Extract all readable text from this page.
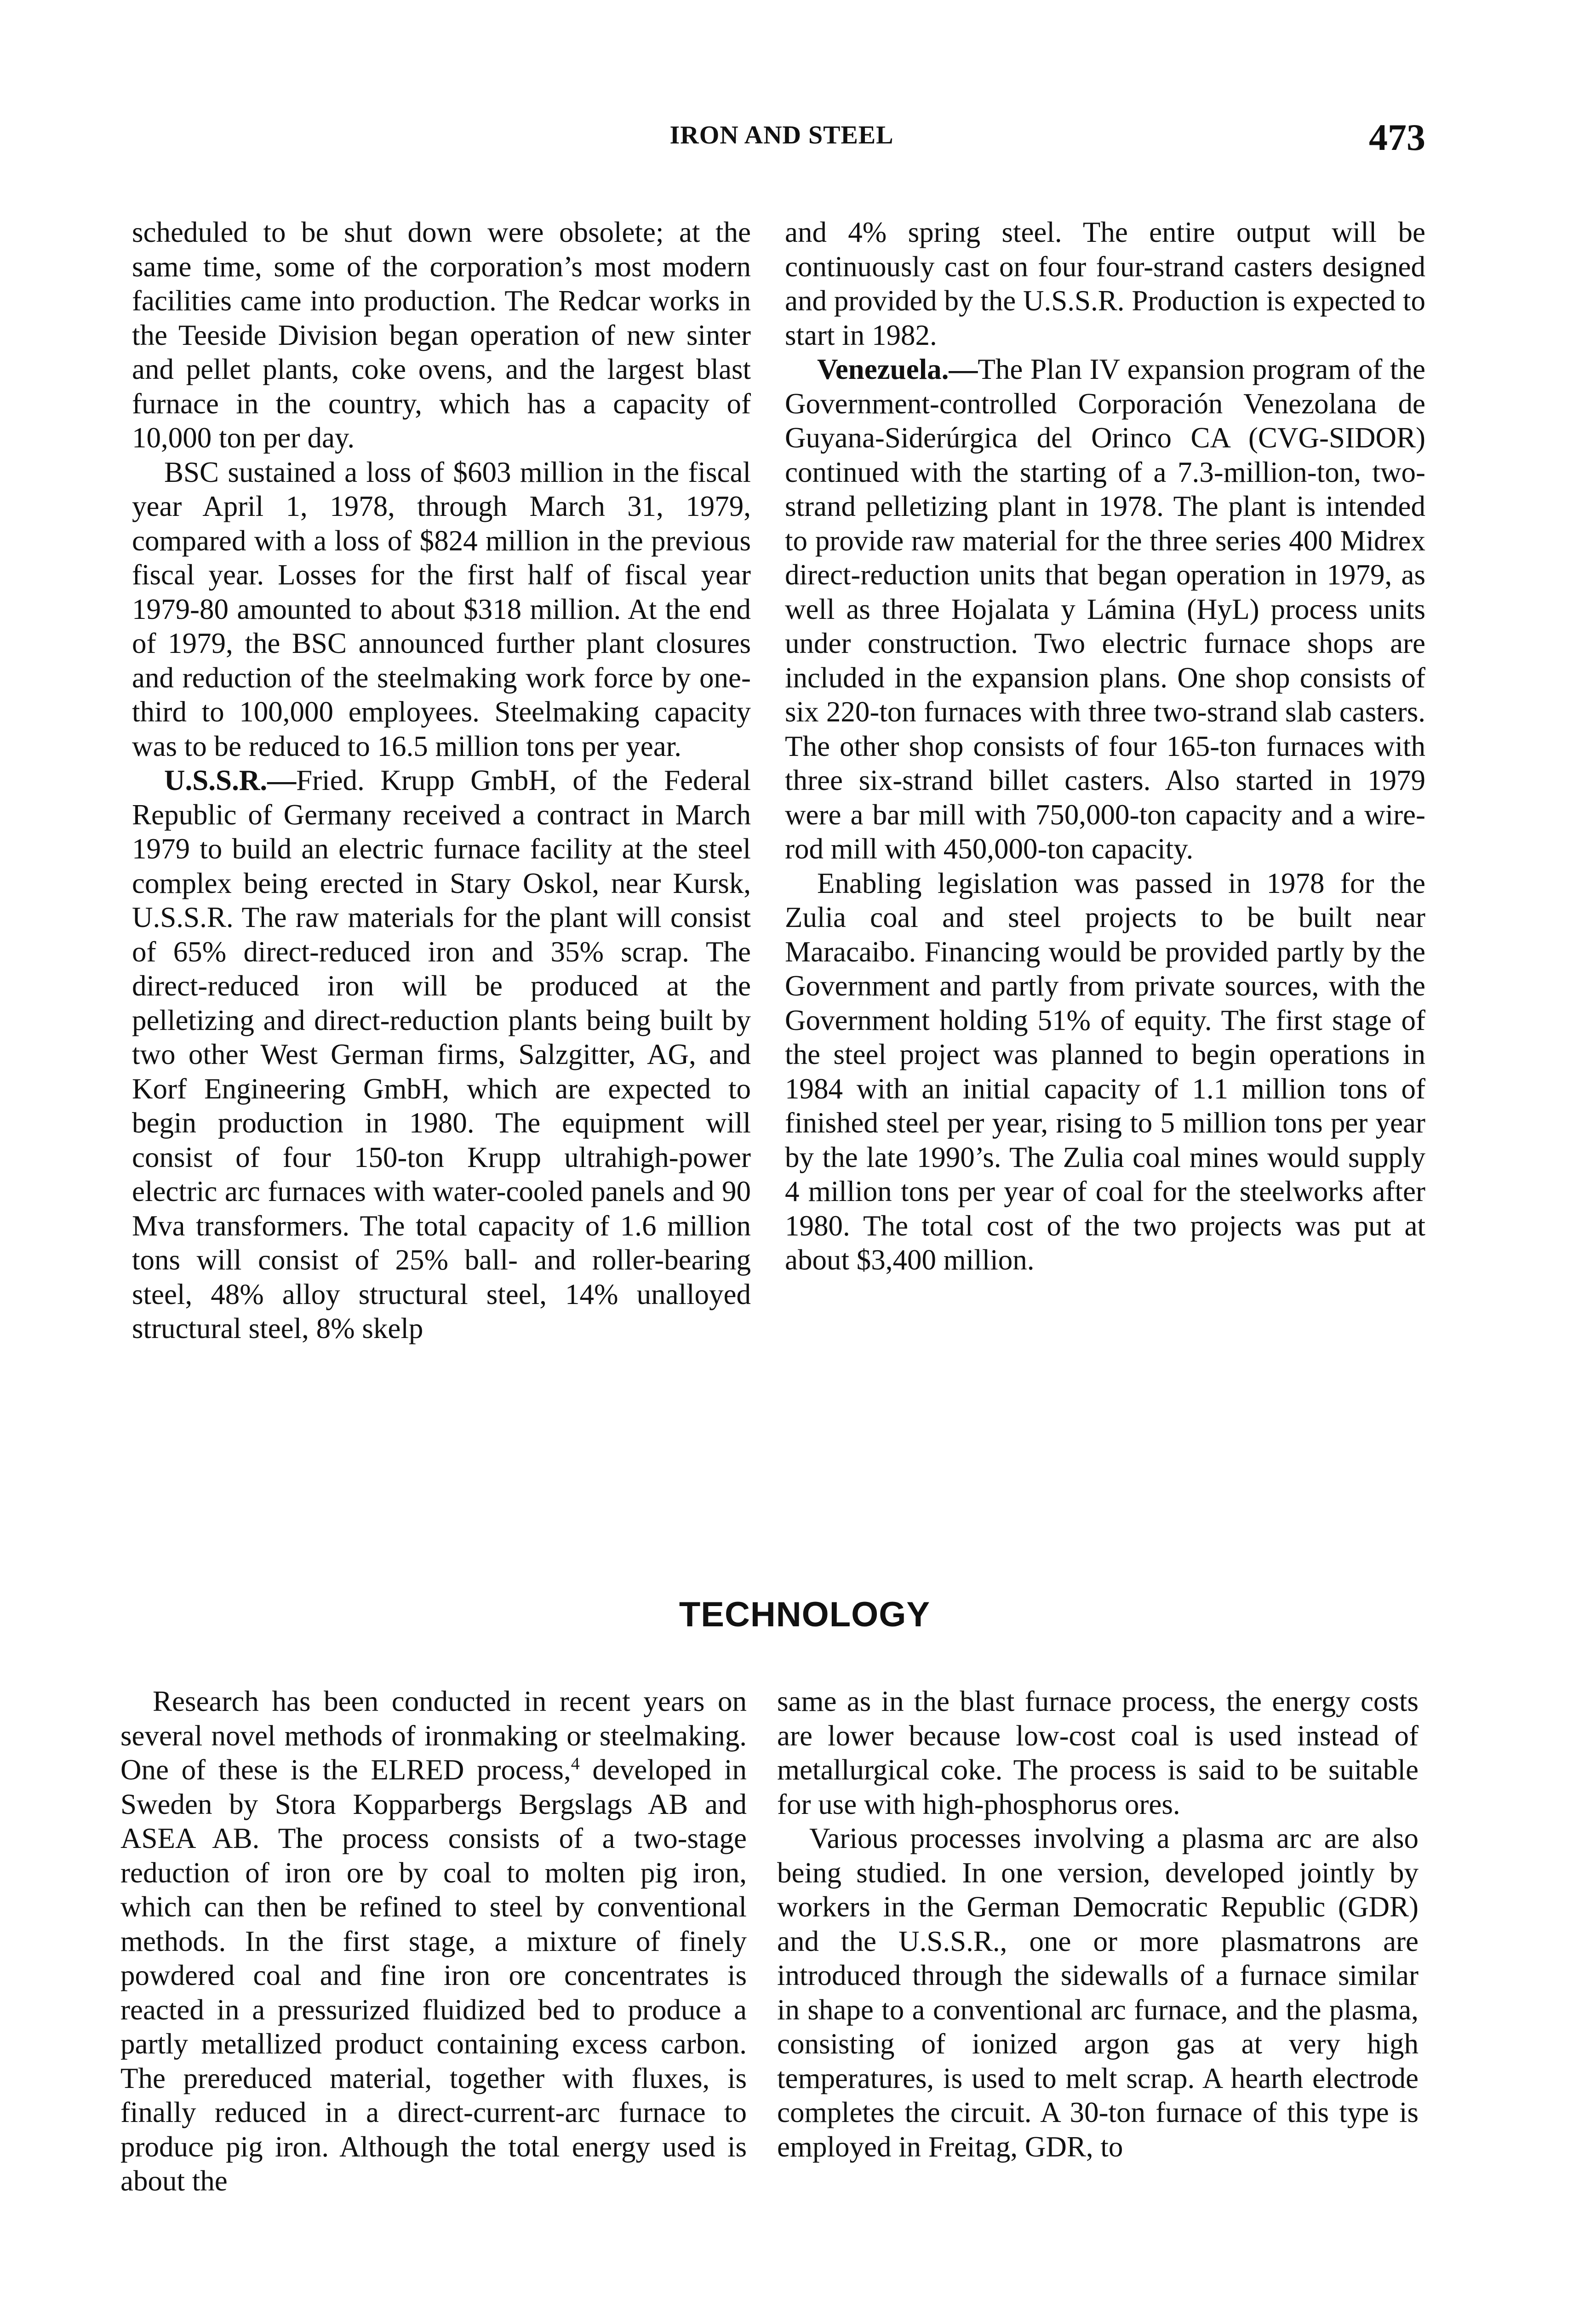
IRON AND STEEL	473

scheduled to be shut down were obsolete; at the same time, some of the corporation’s most modern facilities came into production. The Redcar works in the Teeside Division began operation of new sinter and pellet plants, coke ovens, and the largest blast furnace in the country, which has a capacity of 10,000 ton per day.

BSC sustained a loss of $603 million in the fiscal year April 1, 1978, through March 31, 1979, compared with a loss of $824 million in the previous fiscal year. Losses for the first half of fiscal year 1979-80 amounted to about $318 million. At the end of 1979, the BSC announced further plant closures and reduction of the steelmaking work force by one-third to 100,000 employees. Steelmaking capacity was to be reduced to 16.5 million tons per year.

U.S.S.R.—Fried. Krupp GmbH, of the Federal Republic of Germany received a contract in March 1979 to build an electric furnace facility at the steel complex being erected in Stary Oskol, near Kursk, U.S.S.R. The raw materials for the plant will consist of 65% direct-reduced iron and 35% scrap. The direct-reduced iron will be produced at the pelletizing and direct-reduction plants being built by two other West German firms, Salzgitter, AG, and Korf Engineering GmbH, which are expected to begin production in 1980. The equipment will consist of four 150-ton Krupp ultrahigh-power electric arc furnaces with water-cooled panels and 90 Mva transformers. The total capacity of 1.6 million tons will consist of 25% ball- and roller-bearing steel, 48% alloy structural steel, 14% unalloyed structural steel, 8% skelp

and 4% spring steel. The entire output will be continuously cast on four four-strand casters designed and provided by the U.S.S.R. Production is expected to start in 1982.

Venezuela.—The Plan IV expansion program of the Government-controlled Corporación Venezolana de Guyana-Siderúrgica del Orinco CA (CVG-SIDOR) continued with the starting of a 7.3-million-ton, two-strand pelletizing plant in 1978. The plant is intended to provide raw material for the three series 400 Midrex direct-reduction units that began operation in 1979, as well as three Hojalata y Lámina (HyL) process units under construction. Two electric furnace shops are included in the expansion plans. One shop consists of six 220-ton furnaces with three two-strand slab casters. The other shop consists of four 165-ton furnaces with three six-strand billet casters. Also started in 1979 were a bar mill with 750,000-ton capacity and a wire-rod mill with 450,000-ton capacity.

Enabling legislation was passed in 1978 for the Zulia coal and steel projects to be built near Maracaibo. Financing would be provided partly by the Government and partly from private sources, with the Government holding 51% of equity. The first stage of the steel project was planned to begin operations in 1984 with an initial capacity of 1.1 million tons of finished steel per year, rising to 5 million tons per year by the late 1990’s. The Zulia coal mines would supply 4 million tons per year of coal for the steelworks after 1980. The total cost of the two projects was put at about $3,400 million.

TECHNOLOGY

Research has been conducted in recent years on several novel methods of ironmaking or steelmaking. One of these is the ELRED process,$^4$ developed in Sweden by Stora Kopparbergs Bergslags AB and ASEA AB. The process consists of a two-stage reduction of iron ore by coal to molten pig iron, which can then be refined to steel by conventional methods. In the first stage, a mixture of finely powdered coal and fine iron ore concentrates is reacted in a pressurized fluidized bed to produce a partly metallized product containing excess carbon. The prereduced material, together with fluxes, is finally reduced in a direct-current-arc furnace to produce pig iron. Although the total energy used is about the

same as in the blast furnace process, the energy costs are lower because low-cost coal is used instead of metallurgical coke. The process is said to be suitable for use with high-phosphorus ores.

Various processes involving a plasma arc are also being studied. In one version, developed jointly by workers in the German Democratic Republic (GDR) and the U.S.S.R., one or more plasmatrons are introduced through the sidewalls of a furnace similar in shape to a conventional arc furnace, and the plasma, consisting of ionized argon gas at very high temperatures, is used to melt scrap. A hearth electrode completes the circuit. A 30-ton furnace of this type is employed in Freitag, GDR, to
